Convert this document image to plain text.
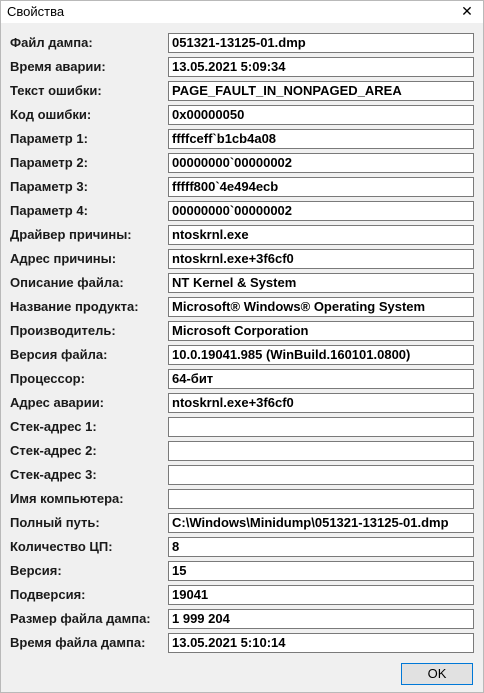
Свойства	✕
Файл дампа:	051321-13125-01.dmp
Время аварии:	13.05.2021 5:09:34
Текст ошибки:	PAGE_FAULT_IN_NONPAGED_AREA
Код ошибки:	0x00000050
Параметр 1:	ffffceff`b1cb4a08
Параметр 2:	00000000`00000002
Параметр 3:	fffff800`4e494ecb
Параметр 4:	00000000`00000002
Драйвер причины:	ntoskrnl.exe
Адрес причины:	ntoskrnl.exe+3f6cf0
Описание файла:	NT Kernel & System
Название продукта:	Microsoft® Windows® Operating System
Производитель:	Microsoft Corporation
Версия файла:	10.0.19041.985 (WinBuild.160101.0800)
Процессор:	64-бит
Адрес аварии:	ntoskrnl.exe+3f6cf0
Стек-адрес 1:
Стек-адрес 2:
Стек-адрес 3:
Имя компьютера:
Полный путь:	C:\Windows\Minidump\051321-13125-01.dmp
Количество ЦП:	8
Версия:	15
Подверсия:	19041
Размер файла дампа:	1 999 204
Время файла дампа:	13.05.2021 5:10:14
OK
